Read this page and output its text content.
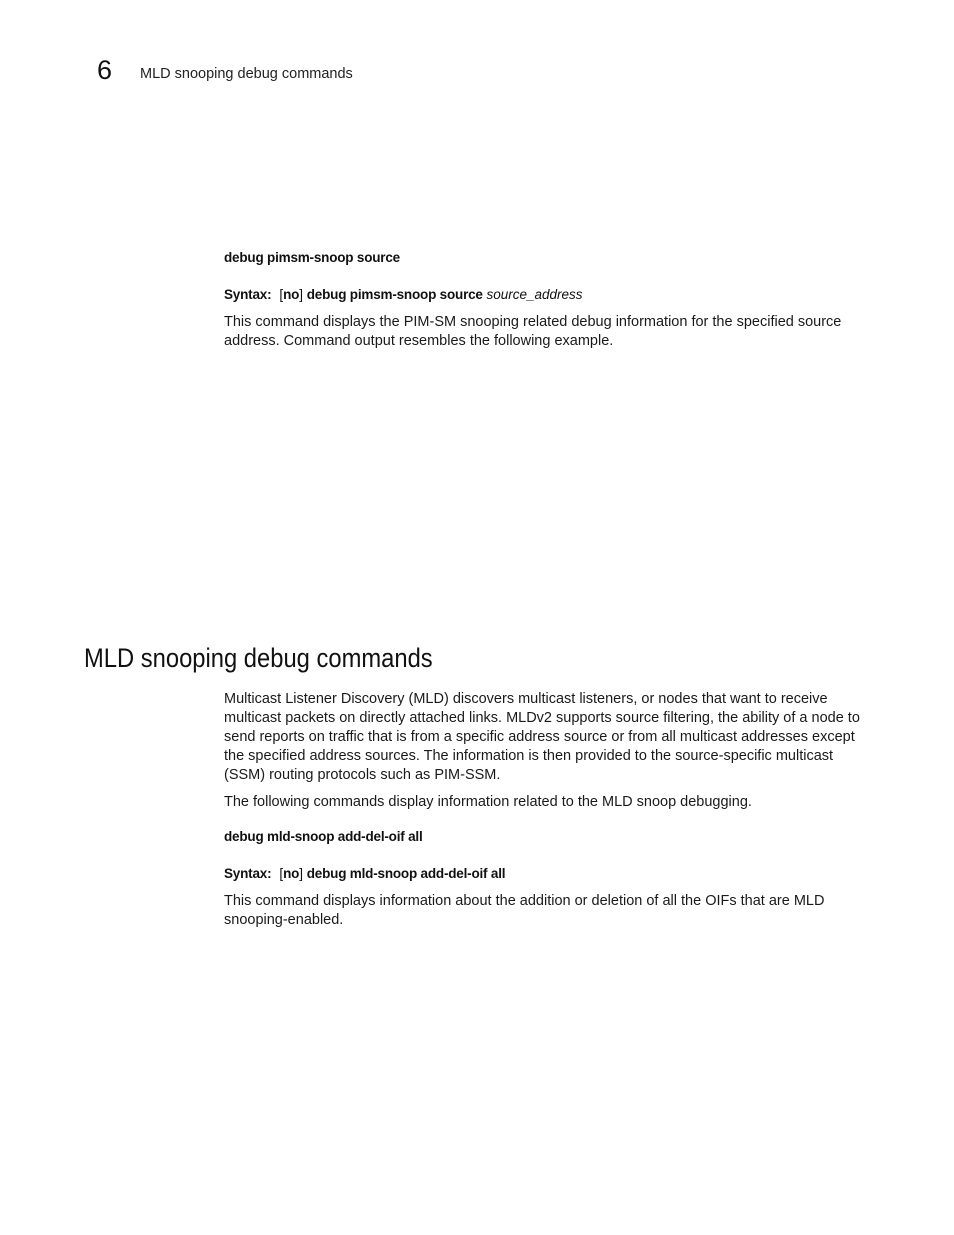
6 MLD snooping debug commands
debug pimsm-snoop source
Syntax: [no] debug pimsm-snoop source source_address

This command displays the PIM-SM snooping related debug information for the specified source address. Command output resembles the following example.

MLD snooping debug commands

Multicast Listener Discovery (MLD) discovers multicast listeners, or nodes that want to receive multicast packets on directly attached links. MLDv2 supports source filtering, the ability of a node to send reports on traffic that is from a specific address source or from all multicast addresses except the specified address sources. The information is then provided to the source-specific multicast (SSM) routing protocols such as PIM-SSM.

The following commands display information related to the MLD snoop debugging.

debug mld-snoop add-del-oif all
Syntax: [no] debug mld-snoop add-del-oif all

This command displays information about the addition or deletion of all the OIFs that are MLD snooping-enabled.
